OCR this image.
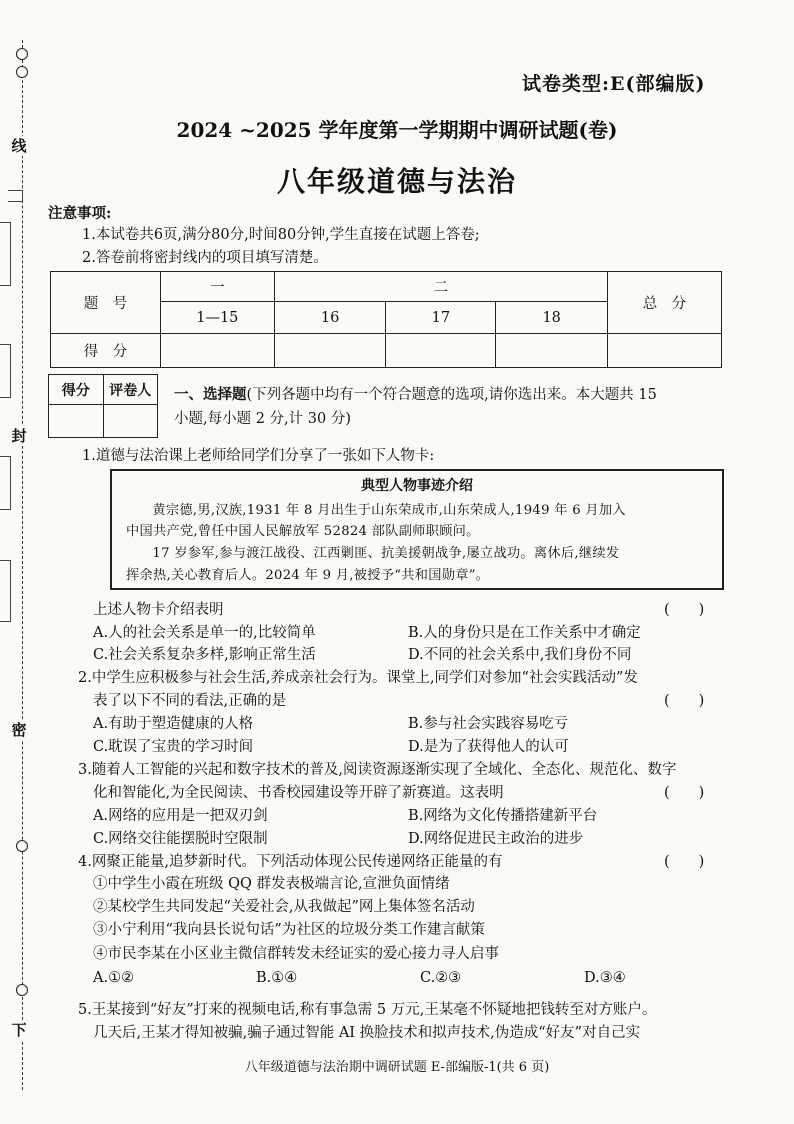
线
封
密
下
试卷类型:E(部编版)
2024 ~2025 学年度第一学期期中调研试题(卷)
八年级道德与法治
注意事项:
1.本试卷共6页,满分80分,时间80分钟,学生直接在试题上答卷;
2.答卷前将密封线内的项目填写清楚。
题　号	一	二			总　分
	1—15	16	17	18	
得　分					
得分	评卷人
	一、选择题(下列各题中均有一个符合题意的选项,请你选出来。本大题共 15
小题,每小题 2 分,计 30 分)
1.道德与法治课上老师给同学们分享了一张如下人物卡:
典型人物事迹介绍
黄宗德,男,汉族,1931 年 8 月出生于山东荣成市,山东荣成人,1949 年 6 月加入
中国共产党,曾任中国人民解放军 52824 部队副师职顾问。
17 岁参军,参与渡江战役、江西剿匪、抗美援朝战争,屡立战功。离休后,继续发
挥余热,关心教育后人。2024 年 9 月,被授予“共和国勋章”。
上述人物卡介绍表明	(　　)
A.人的社会关系是单一的,比较简单	B.人的身份只是在工作关系中才确定
C.社会关系复杂多样,影响正常生活	D.不同的社会关系中,我们身份不同
2.中学生应积极参与社会生活,养成亲社会行为。课堂上,同学们对参加“社会实践活动”发
表了以下不同的看法,正确的是	(　　)
A.有助于塑造健康的人格	B.参与社会实践容易吃亏
C.耽误了宝贵的学习时间	D.是为了获得他人的认可
3.随着人工智能的兴起和数字技术的普及,阅读资源逐渐实现了全域化、全态化、规范化、数字
化和智能化,为全民阅读、书香校园建设等开辟了新赛道。这表明	(　　)
A.网络的应用是一把双刃剑	B.网络为文化传播搭建新平台
C.网络交往能摆脱时空限制	D.网络促进民主政治的进步
4.网聚正能量,追梦新时代。下列活动体现公民传递网络正能量的有	(　　)
①中学生小霞在班级 QQ 群发表极端言论,宣泄负面情绪
②某校学生共同发起“关爱社会,从我做起”网上集体签名活动
③小宁利用“我向县长说句话”为社区的垃圾分类工作建言献策
④市民李某在小区业主微信群转发未经证实的爱心接力寻人启事
A.①②	B.①④	C.②③	D.③④
5.王某接到“好友”打来的视频电话,称有事急需 5 万元,王某毫不怀疑地把钱转至对方账户。
几天后,王某才得知被骗,骗子通过智能 AI 换脸技术和拟声技术,伪造成“好友”对自己实
八年级道德与法治期中调研试题 E-部编版-1(共 6 页)
